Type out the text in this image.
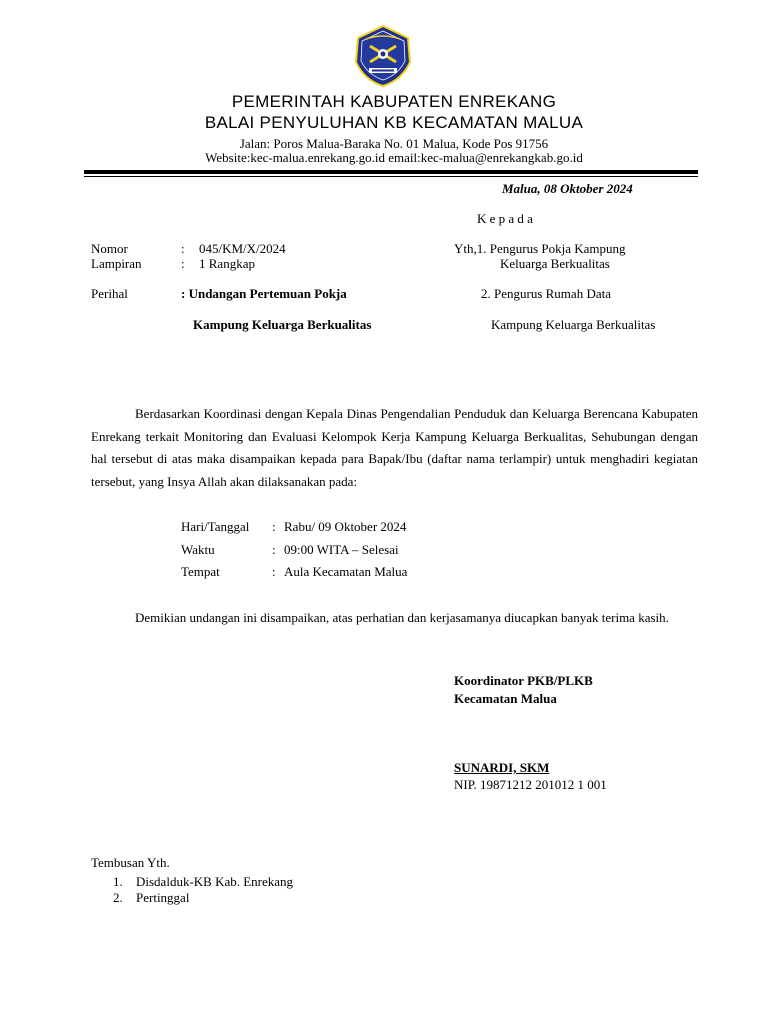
PEMERINTAH KABUPATEN ENREKANG
BALAI PENYULUHAN KB KECAMATAN MALUA
Jalan: Poros Malua-Baraka No. 01 Malua, Kode Pos 91756
Website:kec-malua.enrekang.go.id email:kec-malua@enrekangkab.go.id
Malua, 08 Oktober 2024
K e p a d a
Nomor	: 045/KM/X/2024
Lampiran	: 1 Rangkap
Perihal	: Undangan Pertemuan Pokja
Kampung Keluarga Berkualitas
Yth,1. Pengurus Pokja Kampung
Keluarga Berkualitas
2. Pengurus Rumah Data
Kampung Keluarga Berkualitas

Berdasarkan Koordinasi dengan Kepala Dinas Pengendalian Penduduk dan Keluarga Berencana Kabupaten Enrekang terkait Monitoring dan Evaluasi Kelompok Kerja Kampung Keluarga Berkualitas, Sehubungan dengan hal tersebut di atas maka disampaikan kepada para Bapak/Ibu (daftar nama terlampir) untuk menghadiri kegiatan tersebut, yang Insya Allah akan dilaksanakan pada:

Hari/Tanggal : Rabu/ 09 Oktober 2024
Waktu	: 09:00 WITA – Selesai
Tempat	: Aula Kecamatan Malua

Demikian undangan ini disampaikan, atas perhatian dan kerjasamanya diucapkan banyak terima kasih.

Koordinator PKB/PLKB
Kecamatan Malua
SUNARDI, SKM
NIP. 19871212 201012 1 001
Tembusan Yth.
1. Disdalduk-KB Kab. Enrekang
2. Pertinggal
